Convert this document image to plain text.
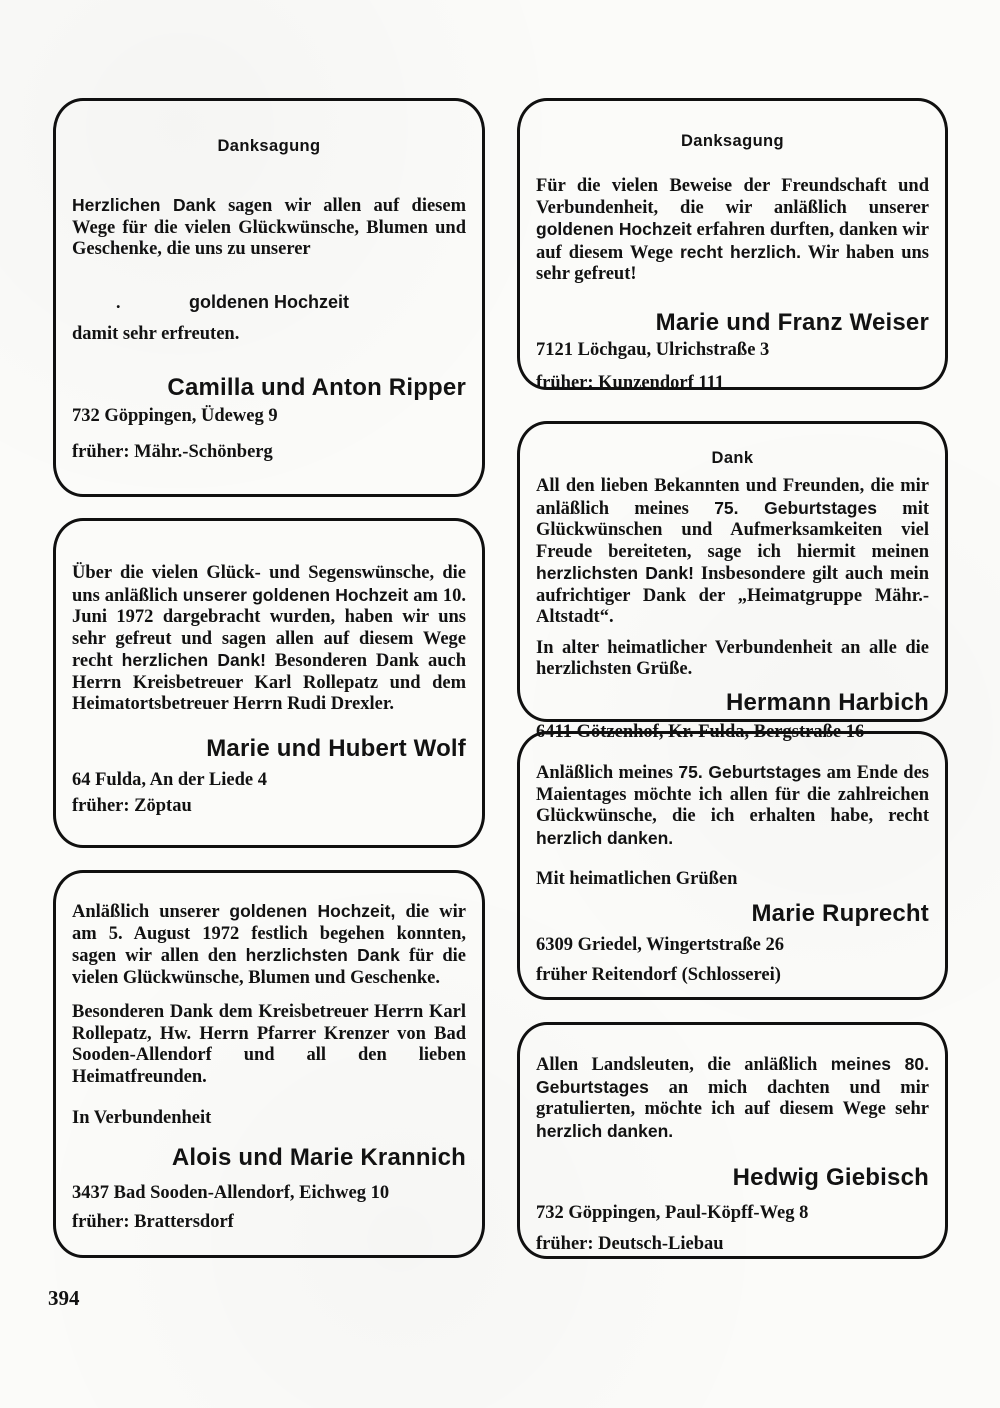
Danksagung

Herzlichen Dank sagen wir allen auf diesem Wege für die vielen Glückwünsche, Blumen und Geschenke, die uns zu unserer

.	goldenen Hochzeit

damit sehr erfreuten.

Camilla und Anton Ripper
732 Göppingen, Üdeweg 9
früher: Mähr.-Schönberg

Über die vielen Glück- und Segenswünsche, die uns anläßlich unserer goldenen Hochzeit am 10. Juni 1972 dargebracht wurden, haben wir uns sehr gefreut und sagen allen auf diesem Wege recht herzlichen Dank! Besonderen Dank auch Herrn Kreisbetreuer Karl Rollepatz und dem Heimatortsbetreuer Herrn Rudi Drexler.

Marie und Hubert Wolf
64 Fulda, An der Liede 4
früher: Zöptau

Anläßlich unserer goldenen Hochzeit, die wir am 5. August 1972 festlich begehen konnten, sagen wir allen den herzlichsten Dank für die vielen Glückwünsche, Blumen und Geschenke.

Besonderen Dank dem Kreisbetreuer Herrn Karl Rollepatz, Hw. Herrn Pfarrer Krenzer von Bad Sooden-Allendorf und all den lieben Heimatfreunden.

In Verbundenheit
Alois und Marie Krannich
3437 Bad Sooden-Allendorf, Eichweg 10
früher: Brattersdorf
Danksagung

Für die vielen Beweise der Freundschaft und Verbundenheit, die wir anläßlich unserer goldenen Hochzeit erfahren durften, danken wir auf diesem Wege recht herzlich. Wir haben uns sehr gefreut!

Marie und Franz Weiser
7121 Löchgau, Ulrichstraße 3
früher: Kunzendorf 111
Dank

All den lieben Bekannten und Freunden, die mir anläßlich meines 75. Geburtstages mit Glückwünschen und Aufmerksamkeiten viel Freude bereiteten, sage ich hiermit meinen herzlichsten Dank! Insbesondere gilt auch mein aufrichtiger Dank der „Heimatgruppe Mähr.-Altstadt“.

In alter heimatlicher Verbundenheit an alle die herzlichsten Grüße.

Hermann Harbich
6411 Götzenhof, Kr. Fulda, Bergstraße 16

Anläßlich meines 75. Geburtstages am Ende des Maientages möchte ich allen für die zahlreichen Glückwünsche, die ich erhalten habe, recht herzlich danken.

Mit heimatlichen Grüßen
Marie Ruprecht
6309 Griedel, Wingertstraße 26
früher Reitendorf (Schlosserei)

Allen Landsleuten, die anläßlich meines 80. Geburtstages an mich dachten und mir gratulierten, möchte ich auf diesem Wege sehr herzlich danken.

Hedwig Giebisch
732 Göppingen, Paul-Köpff-Weg 8
früher: Deutsch-Liebau
394
